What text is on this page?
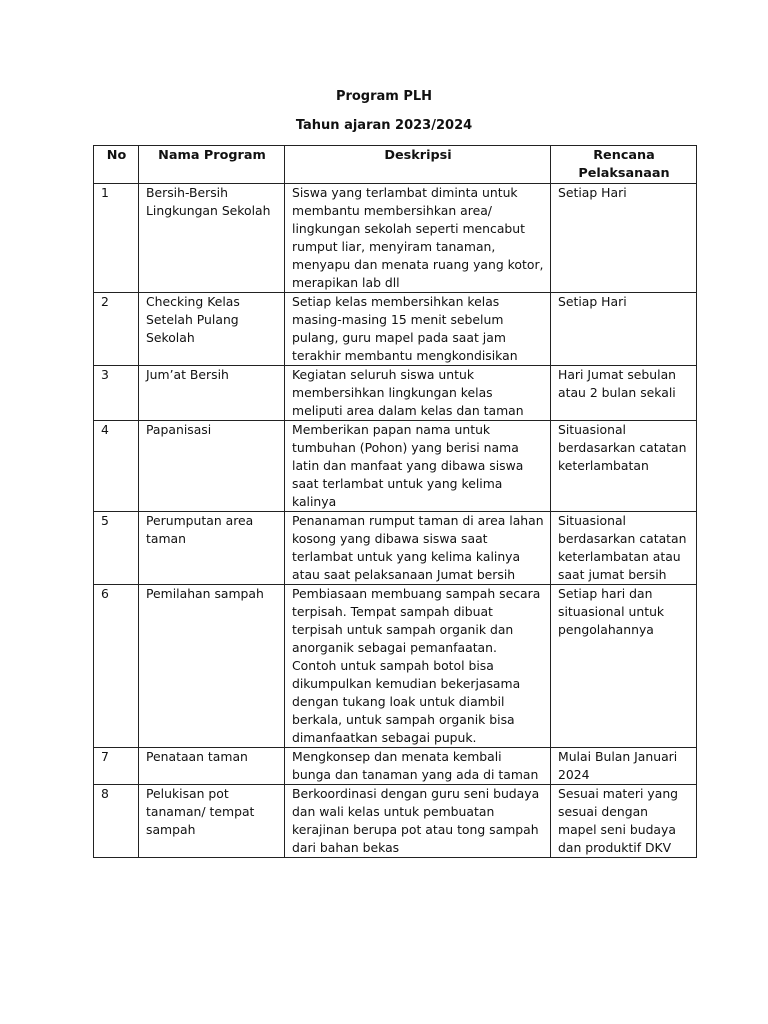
Program PLH
Tahun ajaran 2023/2024
No	Nama Program	Deskripsi	Rencana Pelaksanaan
1	Bersih-Bersih Lingkungan Sekolah	Siswa yang terlambat diminta untuk membantu membersihkan area/ lingkungan sekolah seperti mencabut rumput liar, menyiram tanaman, menyapu dan menata ruang yang kotor, merapikan lab dll	Setiap Hari
2	Checking Kelas Setelah Pulang Sekolah	Setiap kelas membersihkan kelas masing-masing 15 menit sebelum pulang, guru mapel pada saat jam terakhir membantu mengkondisikan	Setiap Hari
3	Jum’at Bersih	Kegiatan seluruh siswa untuk membersihkan lingkungan kelas meliputi area dalam kelas dan taman	Hari Jumat sebulan atau 2 bulan sekali
4	Papanisasi	Memberikan papan nama untuk tumbuhan (Pohon) yang berisi nama latin dan manfaat yang dibawa siswa saat terlambat untuk yang kelima kalinya	Situasional berdasarkan catatan keterlambatan
5	Perumputan area taman	Penanaman rumput taman di area lahan kosong yang dibawa siswa saat terlambat untuk yang kelima kalinya atau saat pelaksanaan Jumat bersih	Situasional berdasarkan catatan keterlambatan atau saat jumat bersih
6	Pemilahan sampah	Pembiasaan membuang sampah secara terpisah. Tempat sampah dibuat terpisah untuk sampah organik dan anorganik sebagai pemanfaatan. Contoh untuk sampah botol bisa dikumpulkan kemudian bekerjasama dengan tukang loak untuk diambil berkala, untuk sampah organik bisa dimanfaatkan sebagai pupuk.	Setiap hari dan situasional untuk pengolahannya
7	Penataan taman	Mengkonsep dan menata kembali bunga dan tanaman yang ada di taman	Mulai Bulan Januari 2024
8	Pelukisan pot tanaman/ tempat sampah	Berkoordinasi dengan guru seni budaya dan wali kelas untuk pembuatan kerajinan berupa pot atau tong sampah dari bahan bekas	Sesuai materi yang sesuai dengan mapel seni budaya dan produktif DKV
